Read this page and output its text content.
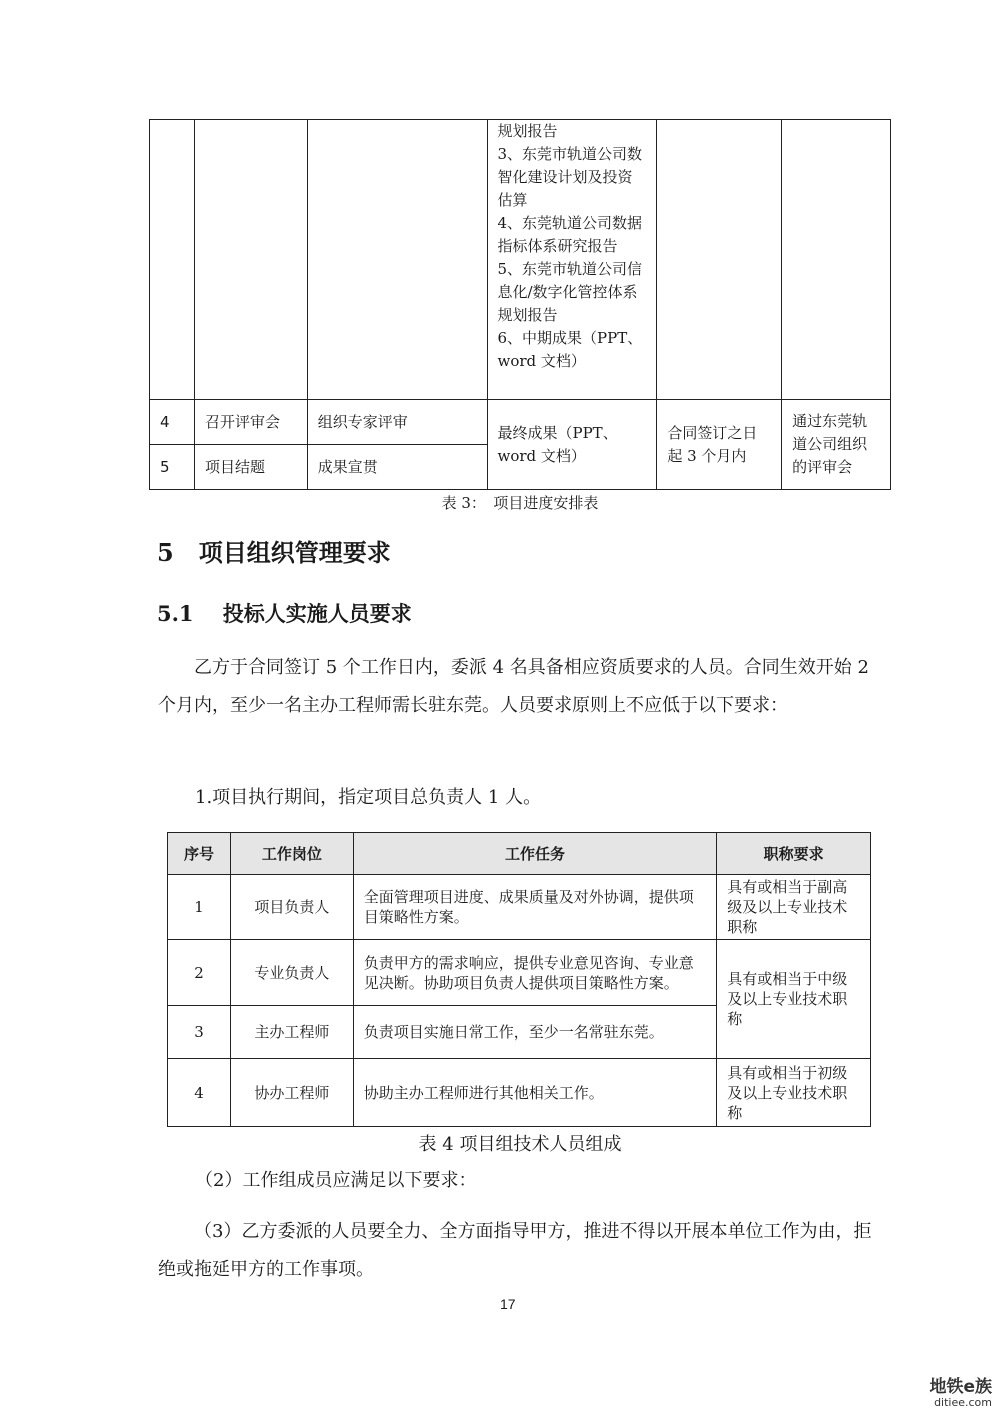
			规划报告
3、东莞市轨道公司数智化建设计划及投资估算
4、东莞轨道公司数据指标体系研究报告
5、东莞市轨道公司信息化/数字化管控体系规划报告
6、中期成果（PPT、word 文档）		

4	召开评审会	组织专家评审	最终成果（PPT、word 文档）	合同签订之日起 3 个月内	通过东莞轨道公司组织的评审会
5	项目结题	成果宣贯			
表 3：　项目进度安排表
5 项目组织管理要求
5.1 投标人实施人员要求

乙方于合同签订 5 个工作日内，委派 4 名具备相应资质要求的人员。合同生效开始 2 个月内，至少一名主办工程师需长驻东莞。人员要求原则上不应低于以下要求：

1.项目执行期间，指定项目总负责人 1 人。

序号	工作岗位	工作任务	职称要求
1	项目负责人	全面管理项目进度、成果质量及对外协调，提供项目策略性方案。	具有或相当于副高级及以上专业技术职称
2	专业负责人	负责甲方的需求响应，提供专业意见咨询、专业意见决断。协助项目负责人提供项目策略性方案。	具有或相当于中级及以上专业技术职称
3	主办工程师	负责项目实施日常工作，至少一名常驻东莞。	
4	协办工程师	协助主办工程师进行其他相关工作。	具有或相当于初级及以上专业技术职称
表 4 项目组技术人员组成

（2）工作组成员应满足以下要求：

（3）乙方委派的人员要全力、全方面指导甲方，推进不得以开展本单位工作为由，拒绝或拖延甲方的工作事项。

17
地铁e族
ditiee.com
